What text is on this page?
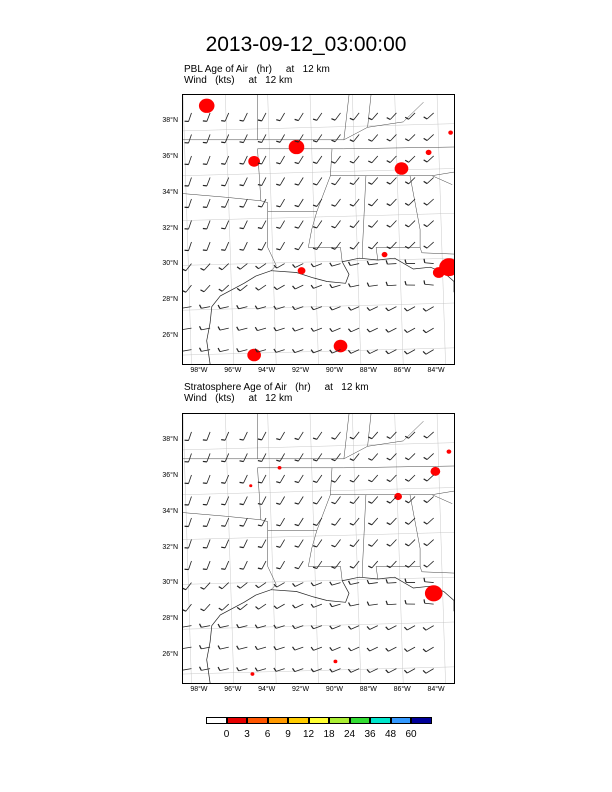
2013-09-12_03:00:00
PBL Age of Air   (hr)     at   12 km
Wind   (kts)     at   12 km
38°N
36°N
34°N
32°N
30°N
28°N
26°N
98°W	96°W	94°W	92°W	90°W	88°W	86°W	84°W
Stratosphere Age of Air   (hr)     at   12 km
Wind   (kts)     at   12 km
38°N
36°N
34°N
32°N
30°N
28°N
26°N
98°W	96°W	94°W	92°W	90°W	88°W	86°W	84°W
0	3	6	9	12 18 24 36 48 60
